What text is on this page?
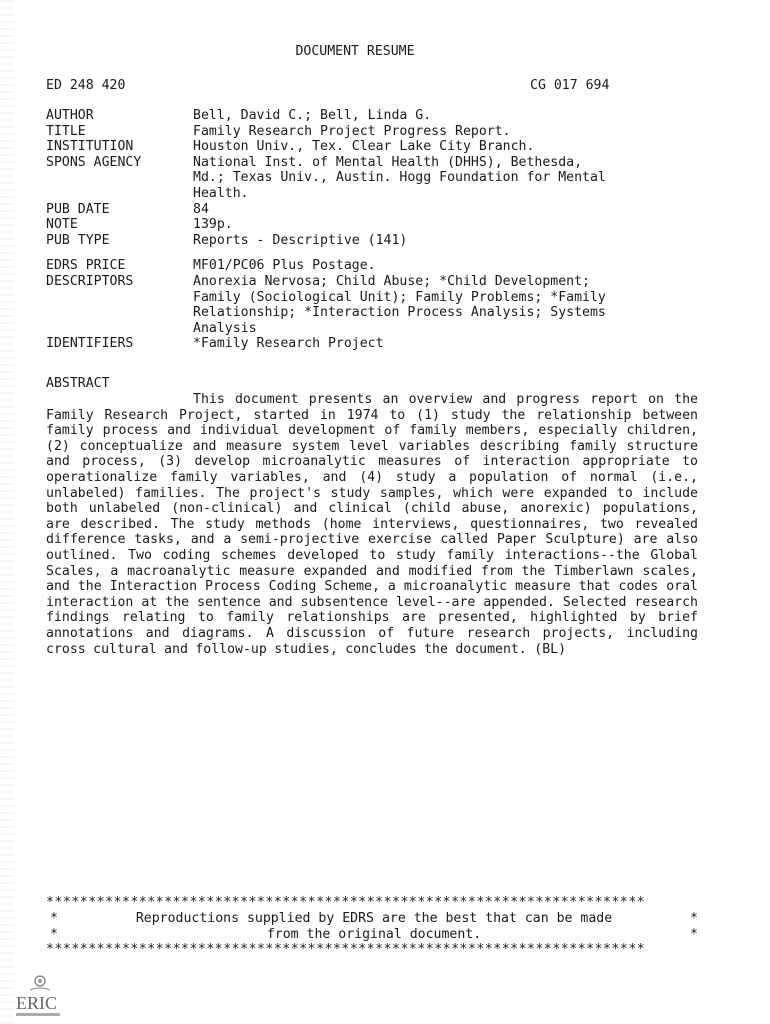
DOCUMENT RESUME
ED 248 420	CG 017 694
AUTHOR	Bell, David C.; Bell, Linda G.
TITLE	Family Research Project Progress Report.
INSTITUTION	Houston Univ., Tex. Clear Lake City Branch.
SPONS AGENCY	National Inst. of Mental Health (DHHS), Bethesda,
Md.; Texas Univ., Austin. Hogg Foundation for Mental
Health.
PUB DATE	84
NOTE	139p.
PUB TYPE	Reports - Descriptive (141)
EDRS PRICE	MF01/PC06 Plus Postage.
DESCRIPTORS	Anorexia Nervosa; Child Abuse; *Child Development;
Family (Sociological Unit); Family Problems; *Family
Relationship; *Interaction Process Analysis; Systems
Analysis
IDENTIFIERS	*Family Research Project
ABSTRACT
This document presents an overview and progress report on the Family Research Project, started in 1974 to (1) study the relationship between family process and individual development of family members, especially children, (2) conceptualize and measure system level variables describing family structure and process, (3) develop microanalytic measures of interaction appropriate to operationalize family variables, and (4) study a population of normal (i.e., unlabeled) families. The project's study samples, which were expanded to include both unlabeled (non-clinical) and clinical (child abuse, anorexic) populations, are described. The study methods (home interviews, questionnaires, two revealed difference tasks, and a semi-projective exercise called Paper Sculpture) are also outlined. Two coding schemes developed to study family interactions--the Global Scales, a macroanalytic measure expanded and modified from the Timberlawn scales, and the Interaction Process Coding Scheme, a microanalytic measure that codes oral interaction at the sentence and subsentence level--are appended. Selected research findings relating to family relationships are presented, highlighted by brief annotations and diagrams. A discussion of future research projects, including cross cultural and follow-up studies, concludes the document. (BL)
***********************************************************************
*	Reproductions supplied by EDRS are the best that can be made	*
*	from the original document.	*
***********************************************************************
ERIC
